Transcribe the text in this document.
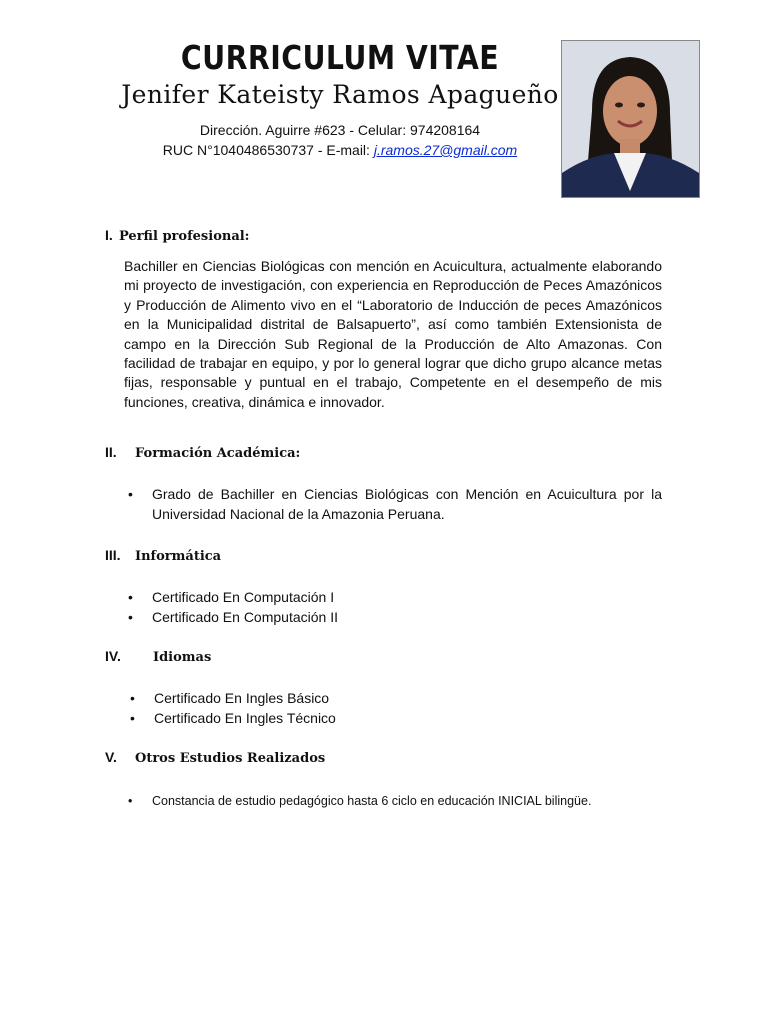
CURRICULUM VITAE
Jenifer Kateisty Ramos Apagueño
Dirección. Aguirre #623 - Celular: 974208164
RUC N°1040486530737 - E-mail: j.ramos.27@gmail.com
I. Perfil profesional:
Bachiller en Ciencias Biológicas con mención en Acuicultura, actualmente elaborando mi proyecto de investigación, con experiencia en Reproducción de Peces Amazónicos y Producción de Alimento vivo en el “Laboratorio de Inducción de peces Amazónicos en la Municipalidad distrital de Balsapuerto”, así como también Extensionista de campo en la Dirección Sub Regional de la Producción de Alto Amazonas. Con facilidad de trabajar en equipo, y por lo general lograr que dicho grupo alcance metas fijas, responsable y puntual en el trabajo, Competente en el desempeño de mis funciones, creativa, dinámica e innovador.
II. Formación Académica:
• Grado de Bachiller en Ciencias Biológicas con Mención en Acuicultura por la Universidad Nacional de la Amazonia Peruana.
III. Informática
• Certificado En Computación I
• Certificado En Computación II
IV. Idiomas
• Certificado En Ingles Básico
• Certificado En Ingles Técnico
V. Otros Estudios Realizados
• Constancia de estudio pedagógico hasta 6 ciclo en educación INICIAL bilingüe.
